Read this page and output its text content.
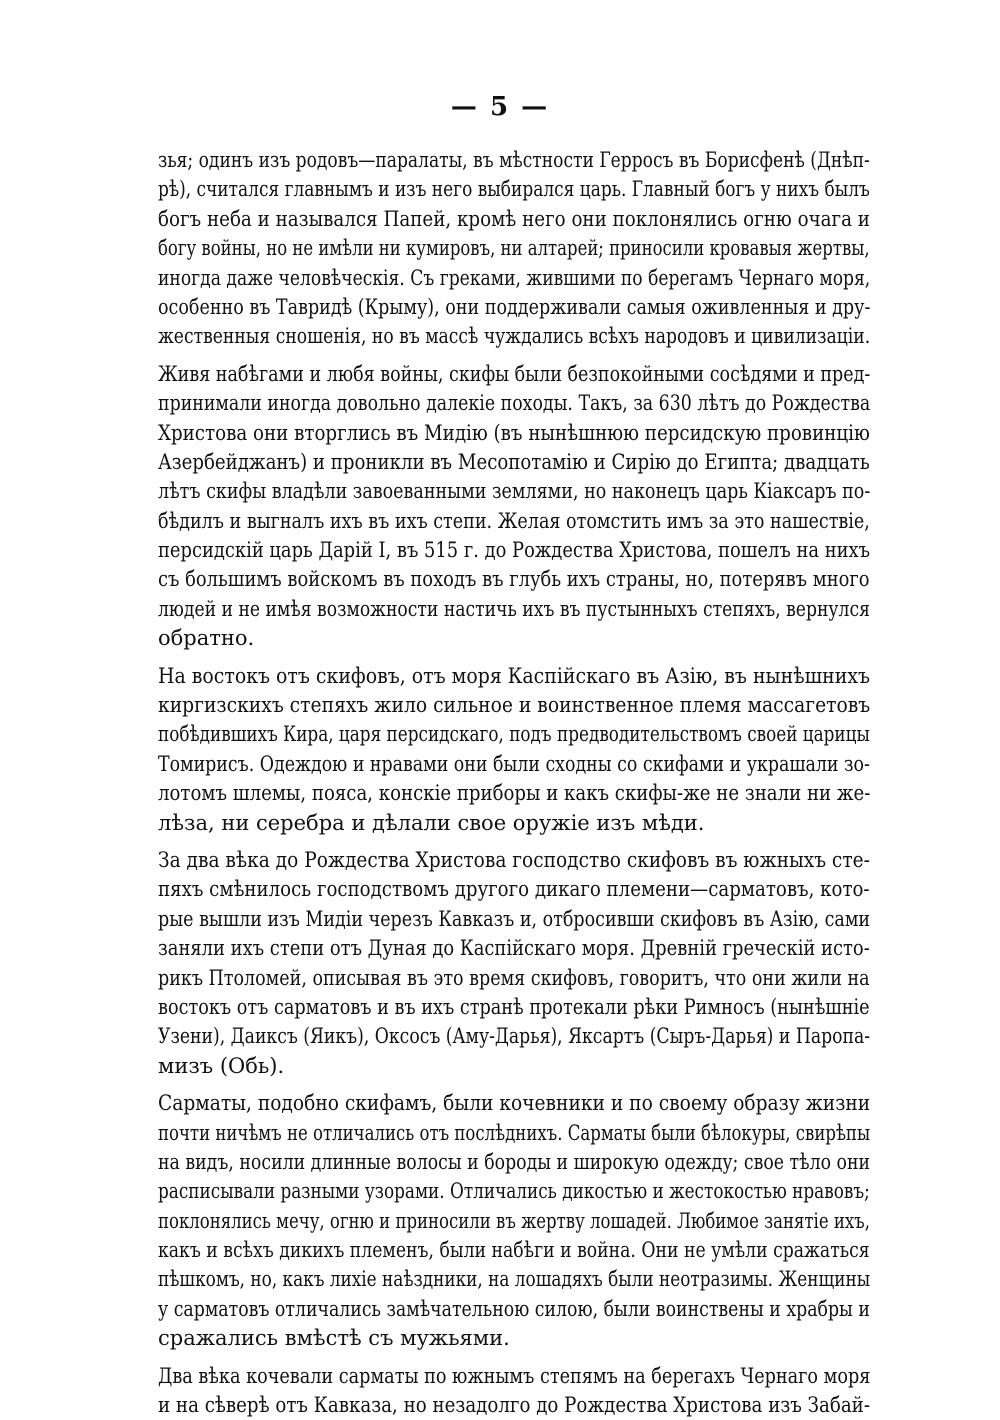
— 5 —
зья; одинъ изъ родовъ—паралаты, въ мѣстности Герросъ въ Борисфенѣ (Днѣп-
рѣ), считался главнымъ и изъ него выбирался царь. Главный богъ у нихъ былъ
богъ неба и назывался Папей, кромѣ него они поклонялись огню очага и
богу войны, но не имѣли ни кумировъ, ни алтарей; приносили кровавыя жертвы,
иногда даже человѣческія. Съ греками, жившими по берегамъ Чернаго моря,
особенно въ Тавридѣ (Крыму), они поддерживали самыя оживленныя и дру-
жественныя сношенія, но въ массѣ чуждались всѣхъ народовъ и цивилизаціи.
Живя набѣгами и любя войны, скифы были безпокойными сосѣдями и пред-
принимали иногда довольно далекіе походы. Такъ, за 630 лѣтъ до Рождества
Христова они вторглись въ Мидію (въ нынѣшнюю персидскую провинцію
Азербейджанъ) и проникли въ Месопотамію и Сирію до Египта; двадцать
лѣтъ скифы владѣли завоеванными землями, но наконецъ царь Кіаксаръ по-
бѣдилъ и выгналъ ихъ въ ихъ степи. Желая отомстить имъ за это нашествіе,
персидскій царь Дарій I, въ 515 г. до Рождества Христова, пошелъ на нихъ
съ большимъ войскомъ въ походъ въ глубь ихъ страны, но, потерявъ много
людей и не имѣя возможности настичь ихъ въ пустынныхъ степяхъ, вернулся
обратно.
На востокъ отъ скифовъ, отъ моря Каспійскаго въ Азію, въ нынѣшнихъ
киргизскихъ степяхъ жило сильное и воинственное племя массагетовъ
побѣдившихъ Кира, царя персидскаго, подъ предводительствомъ своей царицы
Томирисъ. Одеждою и нравами они были сходны со скифами и украшали зо-
лотомъ шлемы, пояса, конскіе приборы и какъ скифы-же не знали ни же-
лѣза, ни серебра и дѣлали свое оружіе изъ мѣди.
За два вѣка до Рождества Христова господство скифовъ въ южныхъ сте-
пяхъ смѣнилось господствомъ другого дикаго племени—сарматовъ, кото-
рые вышли изъ Мидіи черезъ Кавказъ и, отбросивши скифовъ въ Азію, сами
заняли ихъ степи отъ Дуная до Каспійскаго моря. Древній греческій исто-
рикъ Птоломей, описывая въ это время скифовъ, говоритъ, что они жили на
востокъ отъ сарматовъ и въ ихъ странѣ протекали рѣки Римносъ (нынѣшніе
Узени), Даиксъ (Яикъ), Оксосъ (Аму-Дарья), Яксартъ (Сыръ-Дарья) и Паропа-
мизъ (Обь).
Сарматы, подобно скифамъ, были кочевники и по своему образу жизни
почти ничѣмъ не отличались отъ послѣднихъ. Сарматы были бѣлокуры, свирѣпы
на видъ, носили длинные волосы и бороды и широкую одежду; свое тѣло они
расписывали разными узорами. Отличались дикостью и жестокостью нравовъ;
поклонялись мечу, огню и приносили въ жертву лошадей. Любимое занятіе ихъ,
какъ и всѣхъ дикихъ племенъ, были набѣги и война. Они не умѣли сражаться
пѣшкомъ, но, какъ лихіе наѣздники, на лошадяхъ были неотразимы. Женщины
у сарматовъ отличались замѣчательною силою, были воинствены и храбры и
сражались вмѣстѣ съ мужьями.
Два вѣка кочевали сарматы по южнымъ степямъ на берегахъ Чернаго моря
и на сѣверѣ отъ Кавказа, но незадолго до Рождества Христова изъ Забай-
